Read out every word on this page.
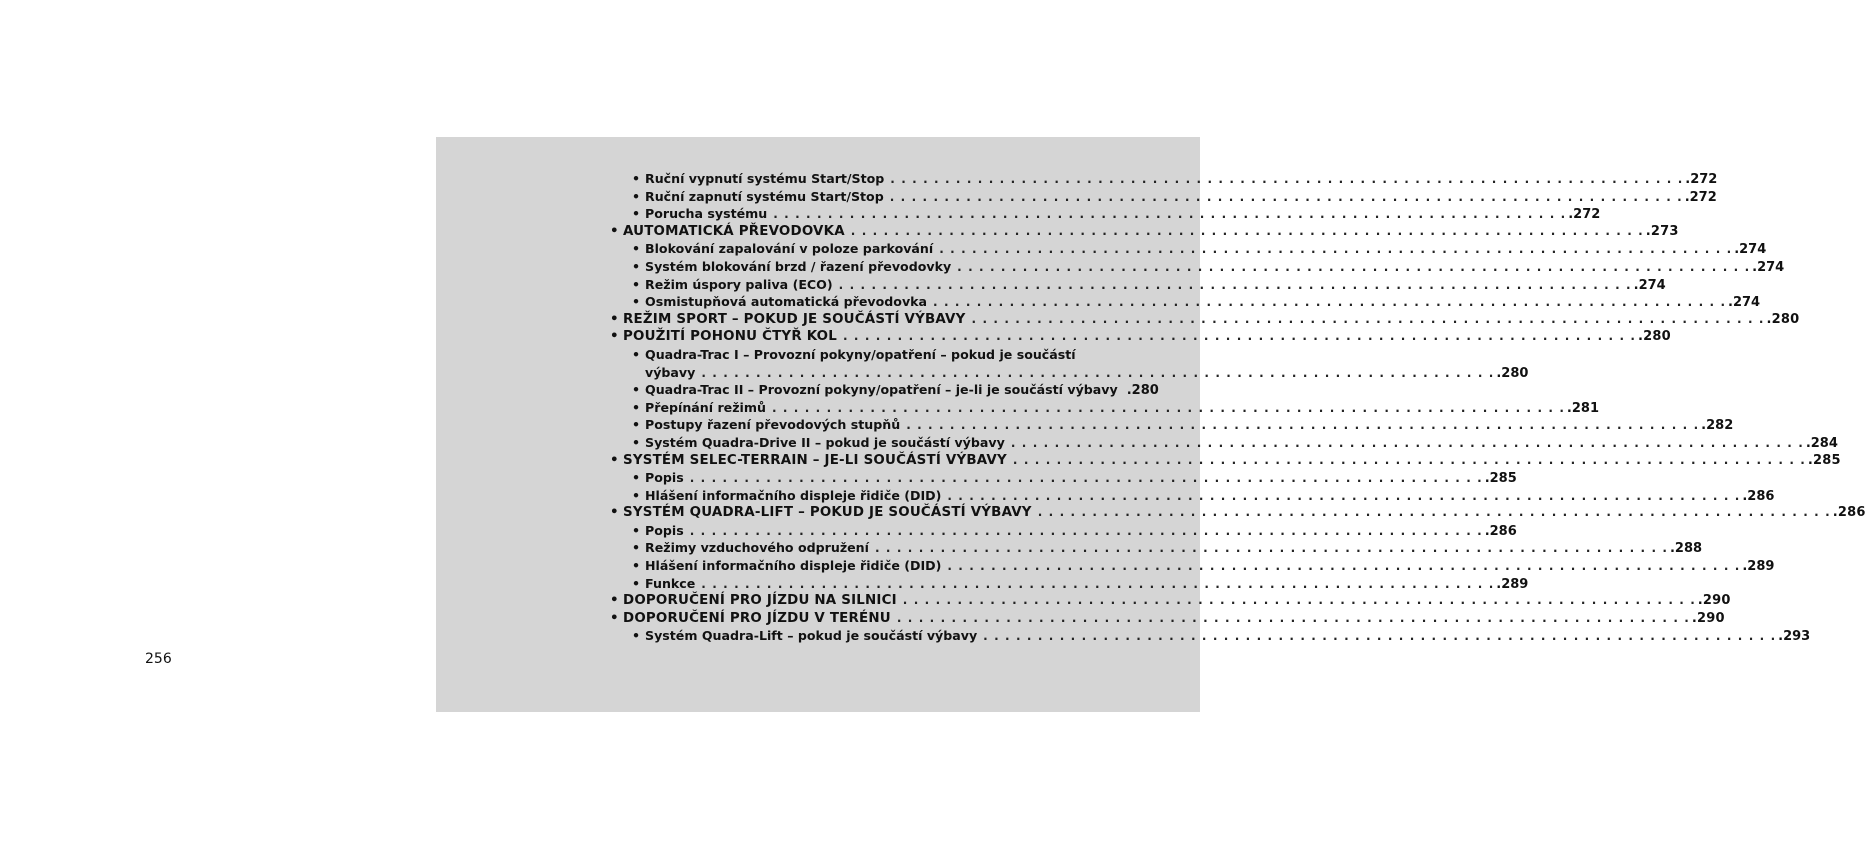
• Ruční vypnutí systému Start/Stop . . .	.272
• Ruční zapnutí systému Start/Stop . . .	.272
• Porucha systému . . .	.272
• AUTOMATICKÁ PŘEVODOVKA . . .	.273
• Blokování zapalování v poloze parkování . . .	.274
• Systém blokování brzd / řazení převodovky . . .	.274
• Režim úspory paliva (ECO) . . .	.274
• Osmistupňová automatická převodovka . . .	.274
• REŽIM SPORT – POKUD JE SOUČÁSTÍ VÝBAVY . . .	.280
• POUŽITÍ POHONU ČTYŘ KOL . . .	.280
• Quadra-Trac I – Provozní pokyny/opatření – pokud je součástí
výbavy . . .	.280
• Quadra-Trac II – Provozní pokyny/opatření – je-li je součástí výbavy .280
• Přepínání režimů . . .	.281
• Postupy řazení převodových stupňů . . .	.282
• Systém Quadra-Drive II – pokud je součástí výbavy . . .	.284
• SYSTÉM SELEC-TERRAIN – JE-LI SOUČÁSTÍ VÝBAVY . . .	.285
• Popis . . .	.285
• Hlášení informačního displeje řidiče (DID) . . .	.286
• SYSTÉM QUADRA-LIFT – POKUD JE SOUČÁSTÍ VÝBAVY . . .	.286
• Popis . . .	.286
• Režimy vzduchového odpružení . . .	.288
• Hlášení informačního displeje řidiče (DID) . . .	.289
• Funkce . . .	.289
• DOPORUČENÍ PRO JÍZDU NA SILNICI . . .	.290
• DOPORUČENÍ PRO JÍZDU V TERÉNU . . .	.290
• Systém Quadra-Lift – pokud je součástí výbavy . . .	.293
256
